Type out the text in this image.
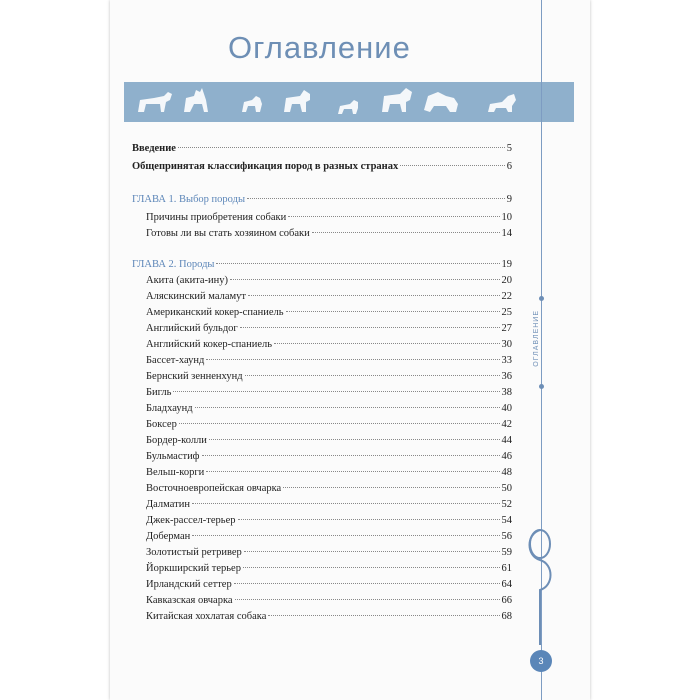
Оглавление
Введение	5
Общепринятая классификация пород в разных странах	6
ГЛАВА 1. Выбор породы	9
Причины приобретения собаки	10
Готовы ли вы стать хозяином собаки	14
ГЛАВА 2. Породы	19
Акита (акита-ину)	20
Аляскинский маламут	22
Американский кокер-спаниель	25
Английский бульдог	27
Английский кокер-спаниель	30
Бассет-хаунд	33
Бернский зенненхунд	36
Бигль	38
Бладхаунд	40
Боксер	42
Бордер-колли	44
Бульмастиф	46
Вельш-корги	48
Восточноевропейская овчарка	50
Далматин	52
Джек-рассел-терьер	54
Доберман	56
Золотистый ретривер	59
Йоркширский терьер	61
Ирландский сеттер	64
Кавказская овчарка	66
Китайская хохлатая собака	68
ОГЛАВЛЕНИЕ
3
